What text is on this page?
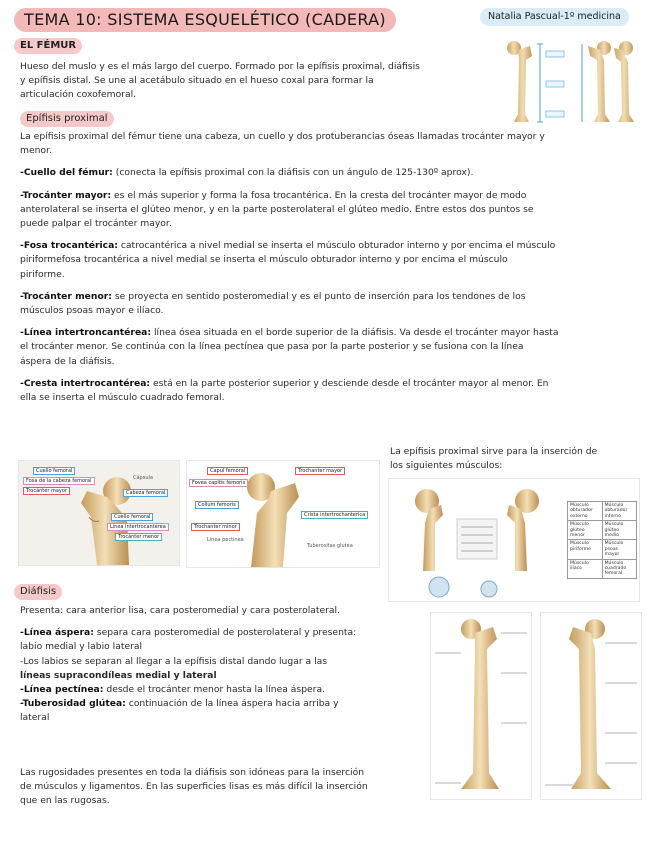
TEMA 10: SISTEMA ESQUELÉTICO (CADERA)	Natalia Pascual-1º medicina
EL FÉMUR
Hueso del muslo y es el más largo del cuerpo. Formado por la epífisis proximal, diáfisis
y epífisis distal. Se une al acetábulo situado en el hueso coxal para formar la
articulación coxofemoral.
Epífisis proximal
La epífisis proximal del fémur tiene una cabeza, un cuello y dos protuberancias óseas llamadas trocánter mayor y
menor.
-Cuello del fémur: (conecta la epífisis proximal con la diáfisis con un ángulo de 125-130º aprox).
-Trocánter mayor: es el más superior y forma la fosa trocantérica. En la cresta del trocánter mayor de modo
anterolateral se inserta el glúteo menor, y en la parte posterolateral el glúteo medio. Entre estos dos puntos se
puede palpar el trocánter mayor.
-Fosa trocantérica: catrocantérica a nivel medial se inserta el músculo obturador interno y por encima el músculo
piriformefosa trocantérica a nivel medial se inserta el músculo obturador interno y por encima el músculo
piriforme.
-Trocánter menor: se proyecta en sentido posteromedial y es el punto de inserción para los tendones de los
músculos psoas mayor e ilíaco.
-Línea intertroncantérea: línea ósea situada en el borde superior de la diáfisis. Va desde el trocánter mayor hasta
el trocánter menor. Se continúa con la línea pectínea que pasa por la parte posterior y se fusiona con la línea
áspera de la diáfisis.
-Cresta intertrocantérea: está en la parte posterior superior y desciende desde el trocánter mayor al menor. En
ella se inserta el músculo cuadrado femoral.
La epífisis proximal sirve para la inserción de
los siguientes músculos:
Cuello femoral
Fosa de la cabeza femoral
Trocánter mayor	Cabeza femoral
Línea intertrocantérea
Cuello femoral
Trocánter menor
Cápsula
Capul femoral
Fovea capitis femoris
Trochanter mayor
Collum femoris
Trochanter minor
Linea pectinea
Crista intertrochanterica
Tuberositas glutea
Músculo obturador externo	Músculo obturador interno
Músculo glúteo menor	Músculo glúteo medio
Músculo piriforme	Músculo psoas mayor
Músculo iliaco	Músculo cuadrado femoral
Diáfisis
Presenta: cara anterior lisa, cara posteromedial y cara posterolateral.
-Línea áspera: separa cara posteromedial de posterolateral y presenta:
labio medial y labio lateral
-Los labios se separan al llegar a la epífisis distal dando lugar a las
líneas supracondíleas medial y lateral
-Línea pectínea: desde el trocánter menor hasta la línea áspera.
-Tuberosidad glútea: continuación de la línea áspera hacia arriba y
lateral
Las rugosidades presentes en toda la diáfisis son idóneas para la inserción
de músculos y ligamentos. En las superficies lisas es más difícil la inserción
que en las rugosas.
